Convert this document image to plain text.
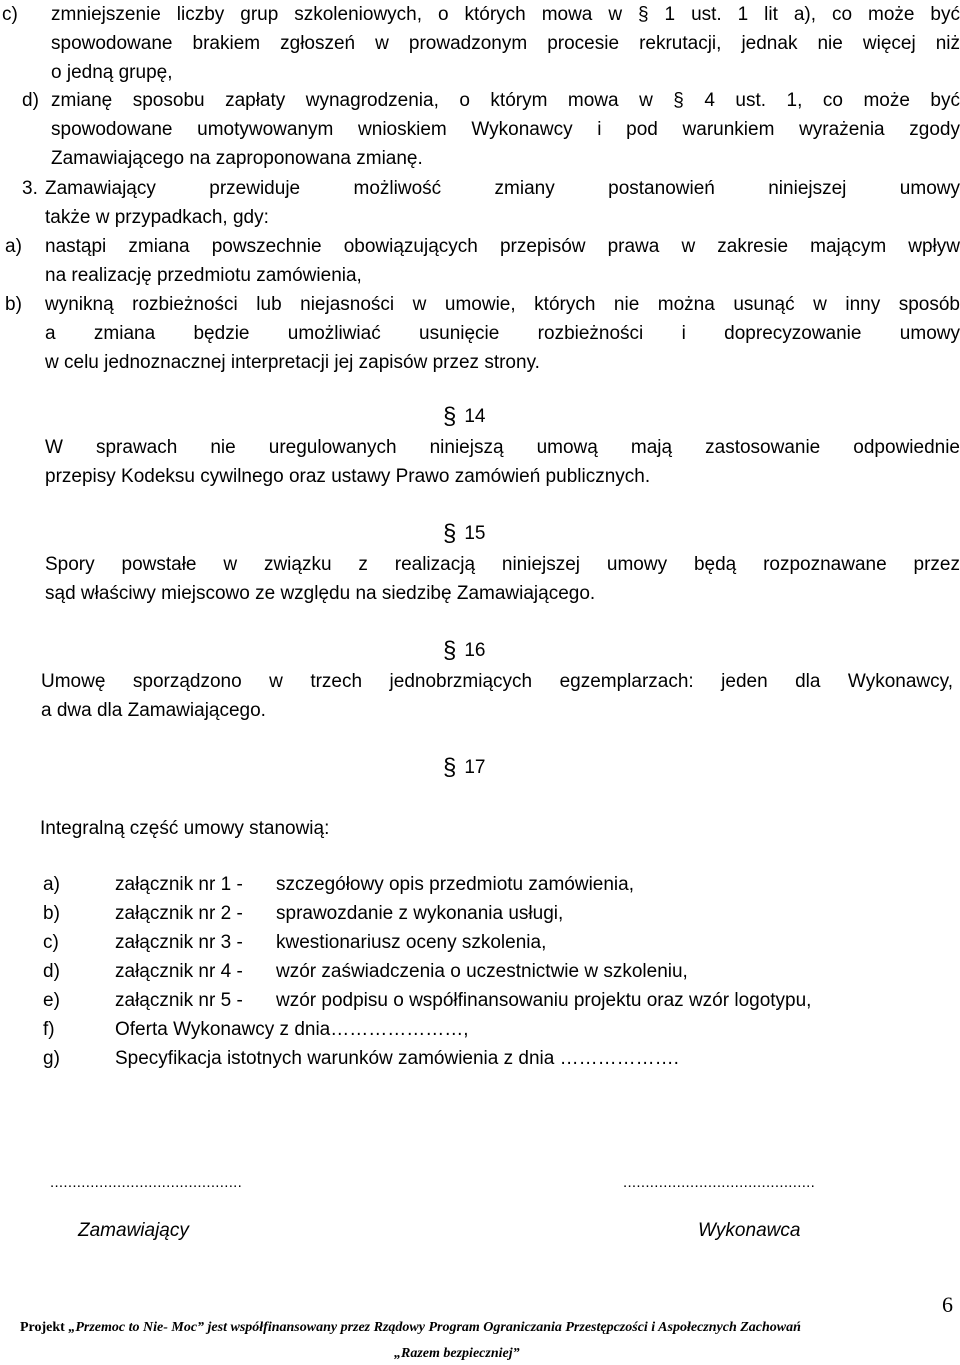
c) zmniejszenie liczby grup szkoleniowych, o których mowa w § 1 ust. 1 lit a), co może być
spowodowane brakiem zgłoszeń w prowadzonym procesie rekrutacji, jednak nie więcej niż
o jedną grupę,
d) zmianę sposobu zapłaty wynagrodzenia, o którym mowa w § 4 ust. 1, co może być
spowodowane umotywowanym wnioskiem Wykonawcy i pod warunkiem wyrażenia zgody
Zamawiającego na zaproponowana zmianę.
3. Zamawiający przewiduje możliwość zmiany postanowień niniejszej umowy
także w przypadkach, gdy:
a) nastąpi zmiana powszechnie obowiązujących przepisów prawa w zakresie mającym wpływ
na realizację przedmiotu zamówienia,
b) wynikną rozbieżności lub niejasności w umowie, których nie można usunąć w inny sposób
a zmiana będzie umożliwiać usunięcie rozbieżności i doprecyzowanie umowy
w celu jednoznacznej interpretacji jej zapisów przez strony.
§ 14
W sprawach nie uregulowanych niniejszą umową mają zastosowanie odpowiednie
przepisy Kodeksu cywilnego oraz ustawy Prawo zamówień publicznych.
§ 15
Spory powstałe w związku z realizacją niniejszej umowy będą rozpoznawane przez
sąd właściwy miejscowo ze względu na siedzibę Zamawiającego.
§ 16
Umowę sporządzono w trzech jednobrzmiących egzemplarzach: jeden dla Wykonawcy,
a dwa dla Zamawiającego.
§ 17
Integralną część umowy stanowią:
a)	załącznik nr 1 - szczegółowy opis przedmiotu zamówienia,
b)	załącznik nr 2 - sprawozdanie z wykonania usługi,
c)	załącznik nr 3 - kwestionariusz oceny szkolenia,
d)	załącznik nr 4 - wzór zaświadczenia o uczestnictwie w szkoleniu,
e)	załącznik nr 5 - wzór podpisu o współfinansowaniu projektu oraz wzór logotypu,
f)	Oferta Wykonawcy z dnia…………………,
g)	Specyfikacja istotnych warunków zamówienia z dnia ……………….
...........................................	...........................................
Zamawiający	Wykonawca
6
Projekt „Przemoc to Nie- Moc” jest współfinansowany przez Rządowy Program Ograniczania Przestępczości i Aspołecznych Zachowań
„Razem bezpieczniej”
